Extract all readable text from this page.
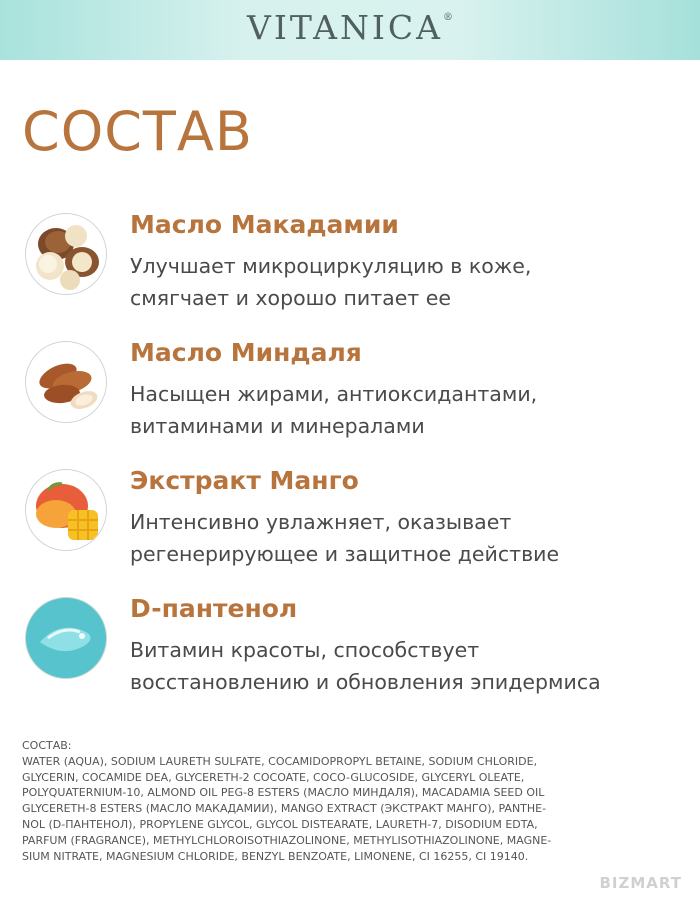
VITANICA®
СОСТАВ
Масло Макадамии
Улучшает микроциркуляцию в коже,
смягчает и хорошо питает ее
Масло Миндаля
Насыщен жирами, антиоксидантами,
витаминами и минералами
Экстракт Манго
Интенсивно увлажняет, оказывает
регенерирующее и защитное действие
D-пантенол
Витамин красоты, способствует
восстановлению и обновления эпидермиса

СОСТАВ:

WATER (AQUA), SODIUM LAURETH SULFATE, COCAMIDOPROPYL BETAINE, SODIUM CHLORIDE,

GLYCERIN, COCAMIDE DEA, GLYCERETH-2 COCOATE, COCO-GLUCOSIDE, GLYCERYL OLEATE,

POLYQUATERNIUM-10, ALMOND OIL PEG-8 ESTERS (МАСЛО МИНДАЛЯ), MACADAMIA SEED OIL

GLYCERETH-8 ESTERS (МАСЛО МАКАДАМИИ), MANGO EXTRACT (ЭКСТРАКТ МАНГО), PANTHE-

NOL (D-ПАНТЕНОЛ), PROPYLENE GLYCOL, GLYCOL DISTEARATE, LAURETH-7, DISODIUM EDTA,

PARFUM (FRAGRANCE), METHYLCHLOROISOTHIAZOLINONE, METHYLISOTHIAZOLINONE, MAGNE-

SIUM NITRATE, MAGNESIUM CHLORIDE, BENZYL BENZOATE, LIMONENE, CI 16255, CI 19140.

BIZMART
